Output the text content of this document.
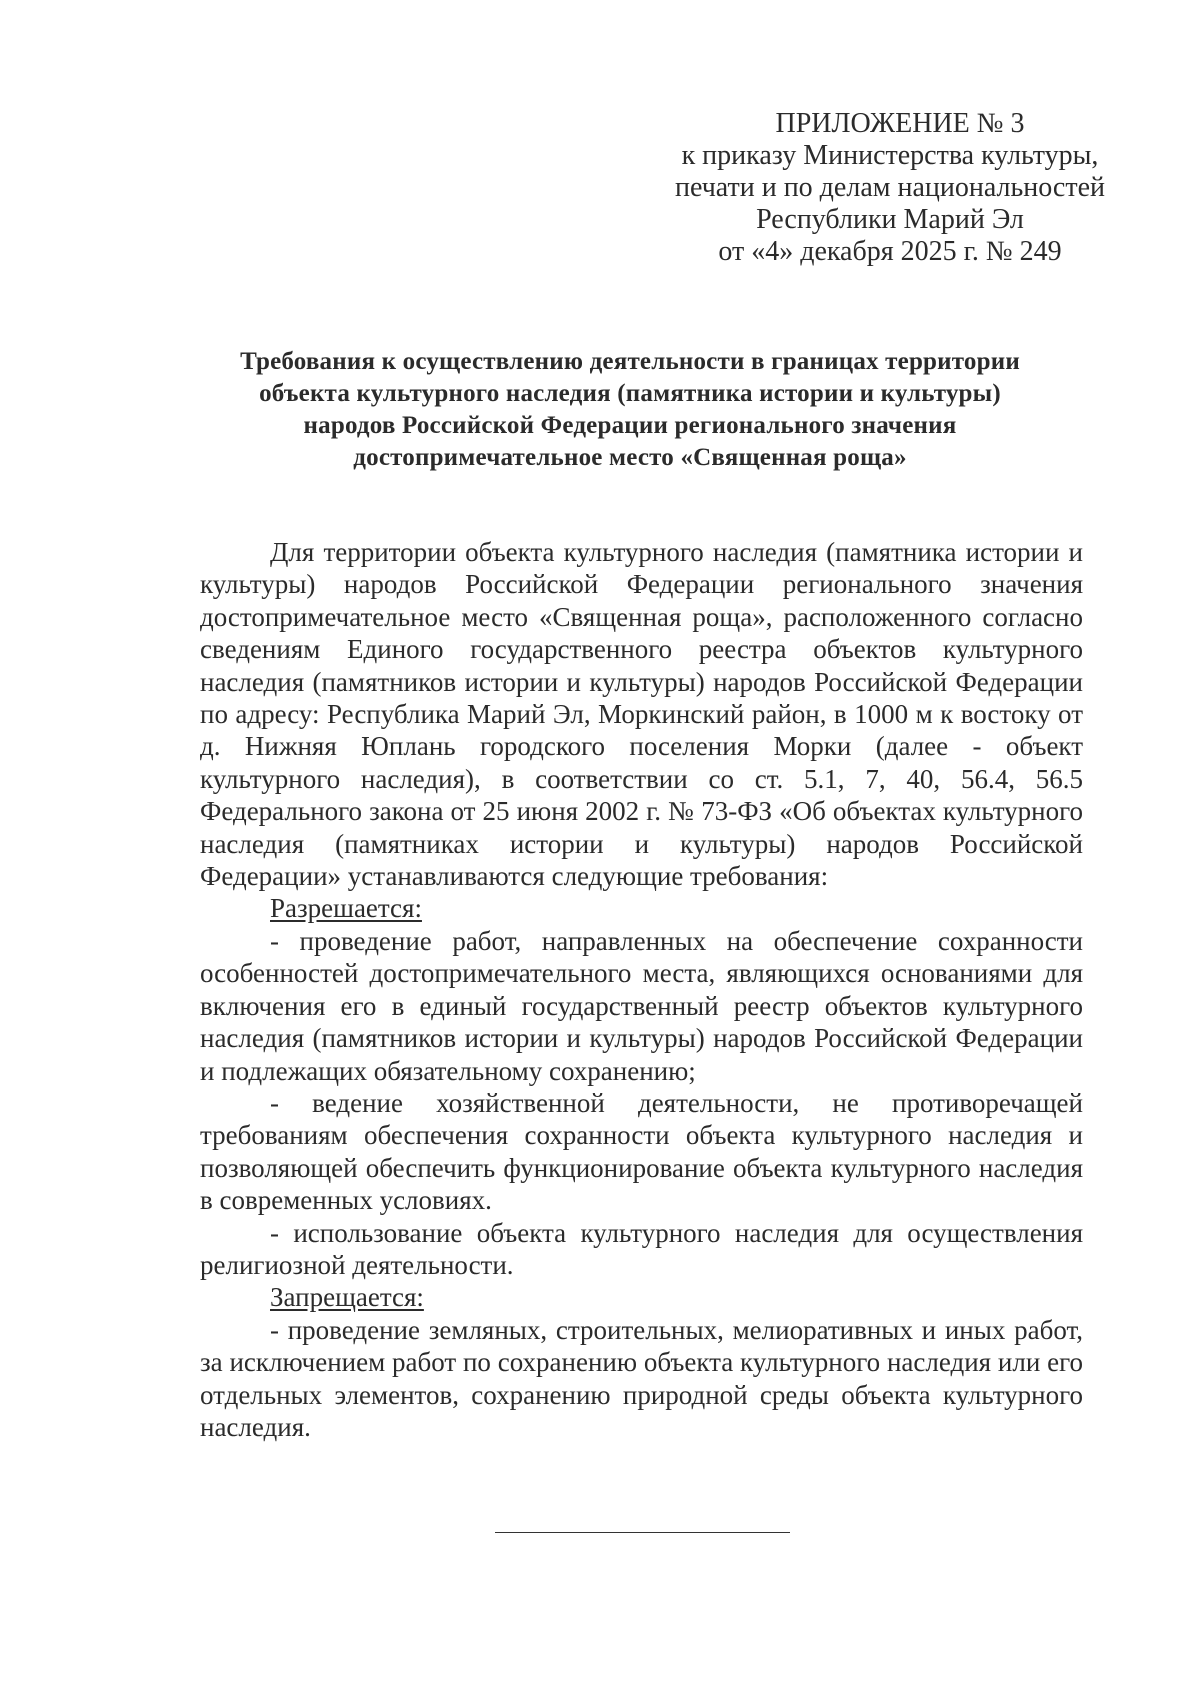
ПРИЛОЖЕНИЕ № 3
к приказу Министерства культуры,
печати и по делам национальностей
Республики Марий Эл
от «4» декабря 2025 г. № 249
Требования к осуществлению деятельности в границах территории
объекта культурного наследия (памятника истории и культуры)
народов Российской Федерации регионального значения
достопримечательное место «Священная роща»

Для территории объекта культурного наследия (памятника истории и культуры) народов Российской Федерации регионального значения достопримечательное место «Священная роща», расположенного согласно сведениям Единого государственного реестра объектов культурного наследия (памятников истории и культуры) народов Российской Федерации по адресу: Республика Марий Эл, Моркинский район, в 1000 м к востоку от д. Нижняя Юплань городского поселения Морки (далее - объект культурного наследия), в соответствии со ст. 5.1, 7, 40, 56.4, 56.5 Федерального закона от 25 июня 2002 г. № 73-ФЗ «Об объектах культурного наследия (памятниках истории и культуры) народов Российской Федерации» устанавливаются следующие требования:

Разрешается:

- проведение работ, направленных на обеспечение сохранности особенностей достопримечательного места, являющихся основаниями для включения его в единый государственный реестр объектов культурного наследия (памятников истории и культуры) народов Российской Федерации и подлежащих обязательному сохранению;

- ведение хозяйственной деятельности, не противоречащей требованиям обеспечения сохранности объекта культурного наследия и позволяющей обеспечить функционирование объекта культурного наследия в современных условиях.

- использование объекта культурного наследия для осуществления религиозной деятельности.

Запрещается:

- проведение земляных, строительных, мелиоративных и иных работ, за исключением работ по сохранению объекта культурного наследия или его отдельных элементов, сохранению природной среды объекта культурного наследия.
